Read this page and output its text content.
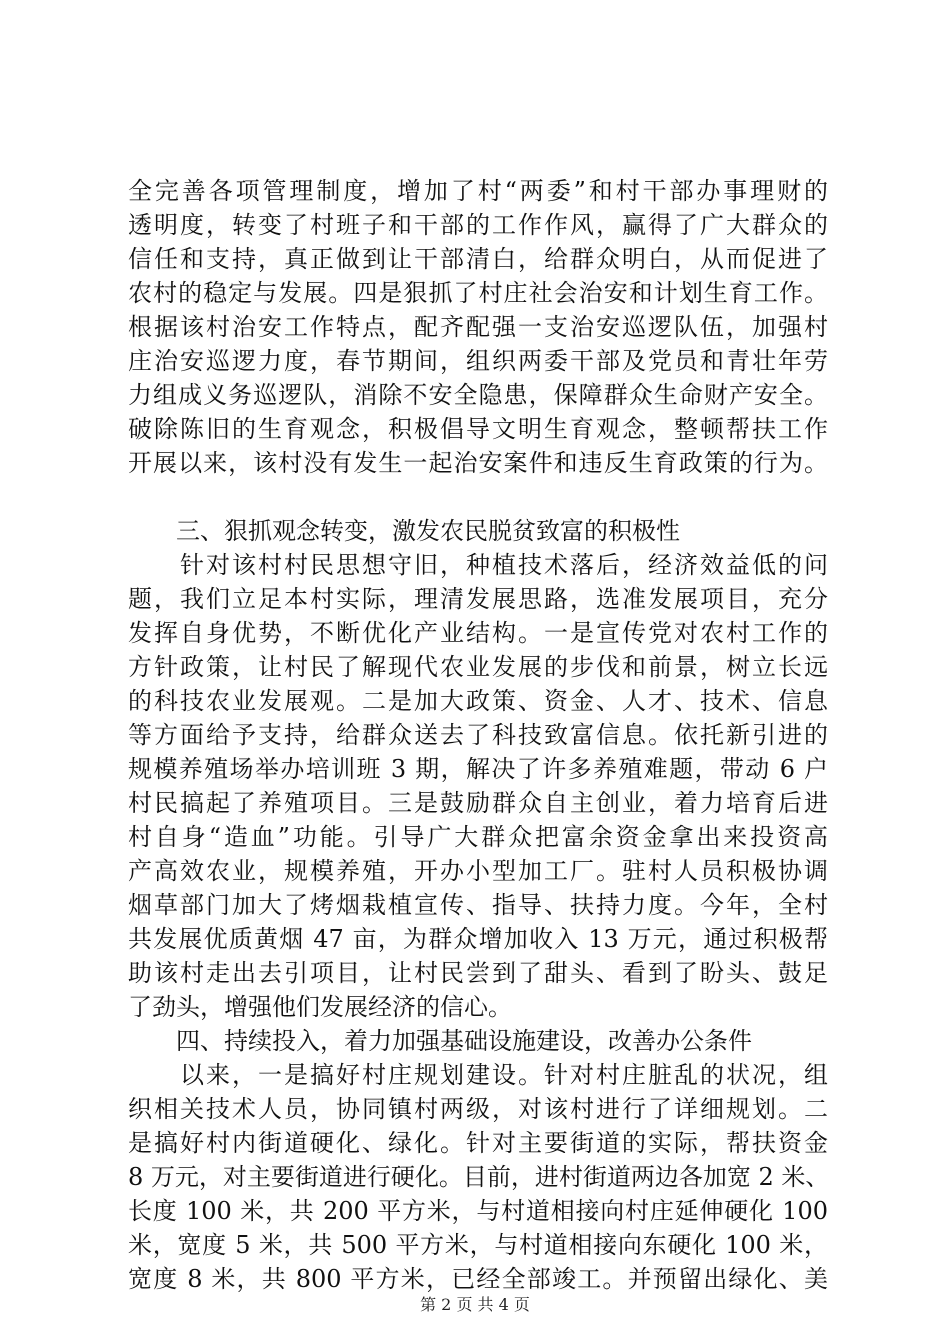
全完善各项管理制度，增加了村“两委”和村干部办事理财的
透明度，转变了村班子和干部的工作作风，赢得了广大群众的
信任和支持，真正做到让干部清白，给群众明白，从而促进了
农村的稳定与发展。四是狠抓了村庄社会治安和计划生育工作。
根据该村治安工作特点，配齐配强一支治安巡逻队伍，加强村
庄治安巡逻力度，春节期间，组织两委干部及党员和青壮年劳
力组成义务巡逻队，消除不安全隐患，保障群众生命财产安全。
破除陈旧的生育观念，积极倡导文明生育观念，整顿帮扶工作
开展以来，该村没有发生一起治安案件和违反生育政策的行为。
三、狠抓观念转变，激发农民脱贫致富的积极性
　　针对该村村民思想守旧，种植技术落后，经济效益低的问
题，我们立足本村实际，理清发展思路，选准发展项目，充分
发挥自身优势，不断优化产业结构。一是宣传党对农村工作的
方针政策，让村民了解现代农业发展的步伐和前景，树立长远
的科技农业发展观。二是加大政策、资金、人才、技术、信息
等方面给予支持，给群众送去了科技致富信息。依托新引进的
规模养殖场举办培训班 3 期，解决了许多养殖难题，带动 6 户
村民搞起了养殖项目。三是鼓励群众自主创业，着力培育后进
村自身“造血”功能。引导广大群众把富余资金拿出来投资高
产高效农业，规模养殖，开办小型加工厂。驻村人员积极协调
烟草部门加大了烤烟栽植宣传、指导、扶持力度。今年，全村
共发展优质黄烟 47 亩，为群众增加收入 13 万元，通过积极帮
助该村走出去引项目，让村民尝到了甜头、看到了盼头、鼓足
了劲头，增强他们发展经济的信心。
四、持续投入，着力加强基础设施建设，改善办公条件
　　以来，一是搞好村庄规划建设。针对村庄脏乱的状况，组
织相关技术人员，协同镇村两级，对该村进行了详细规划。二
是搞好村内街道硬化、绿化。针对主要街道的实际，帮扶资金
8 万元，对主要街道进行硬化。目前，进村街道两边各加宽 2 米、
长度 100 米，共 200 平方米，与村道相接向村庄延伸硬化 100
米，宽度 5 米，共 500 平方米，与村道相接向东硬化 100 米，
宽度 8 米，共 800 平方米，已经全部竣工。并预留出绿化、美
第 2 页 共 4 页
